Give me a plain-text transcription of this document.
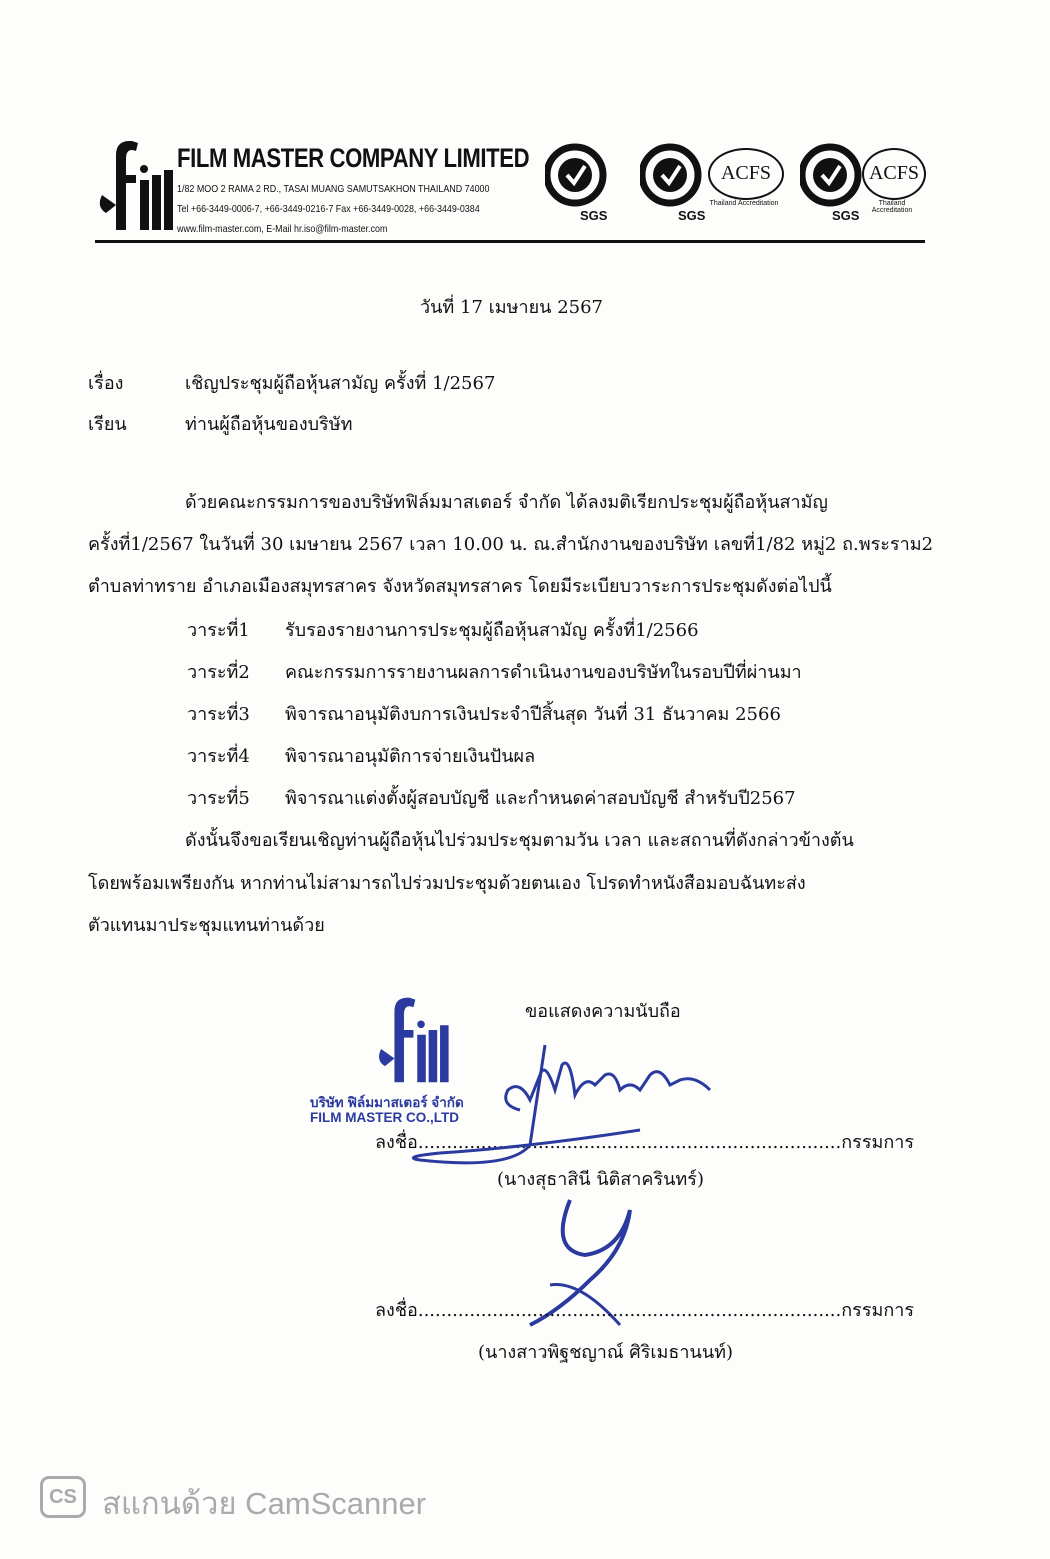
FILM MASTER COMPANY LIMITED
1/82 MOO 2 RAMA 2 RD., TASAI MUANG SAMUTSAKHON THAILAND 74000
Tel +66-3449-0006-7, +66-3449-0216-7 Fax +66-3449-0028, +66-3449-0384
www.film-master.com, E-Mail hr.iso@film-master.com
SGS	SGS
ACFS
Thailand Accreditation
SGS
ACFS
Thailand Accreditation
วันที่ 17 เมษายน 2567
เรื่อง	เชิญประชุมผู้ถือหุ้นสามัญ ครั้งที่ 1/2567
เรียน	ท่านผู้ถือหุ้นของบริษัท
ด้วยคณะกรรมการของบริษัทฟิล์มมาสเตอร์ จำกัด ได้ลงมติเรียกประชุมผู้ถือหุ้นสามัญ
ครั้งที่1/2567 ในวันที่ 30 เมษายน 2567 เวลา 10.00 น. ณ.สำนักงานของบริษัท เลขที่1/82 หมู่2 ถ.พระราม2
ตำบลท่าทราย อำเภอเมืองสมุทรสาคร จังหวัดสมุทรสาคร โดยมีระเบียบวาระการประชุมดังต่อไปนี้
วาระที่1 รับรองรายงานการประชุมผู้ถือหุ้นสามัญ ครั้งที่1/2566
วาระที่2 คณะกรรมการรายงานผลการดำเนินงานของบริษัทในรอบปีที่ผ่านมา
วาระที่3 พิจารณาอนุมัติงบการเงินประจำปีสิ้นสุด วันที่ 31 ธันวาคม 2566
วาระที่4 พิจารณาอนุมัติการจ่ายเงินปันผล
วาระที่5 พิจารณาแต่งตั้งผู้สอบบัญชี และกำหนดค่าสอบบัญชี สำหรับปี2567
ดังนั้นจึงขอเรียนเชิญท่านผู้ถือหุ้นไปร่วมประชุมตามวัน เวลา และสถานที่ดังกล่าวข้างต้น
โดยพร้อมเพรียงกัน หากท่านไม่สามารถไปร่วมประชุมด้วยตนเอง โปรดทำหนังสือมอบฉันทะส่ง
ตัวแทนมาประชุมแทนท่านด้วย
ขอแสดงความนับถือ
บริษัท ฟิล์มมาสเตอร์ จำกัด
FILM MASTER CO.,LTD
ลงชื่อ..........................................................................กรรมการ
(นางสุธาสินี นิติสาครินทร์)
ลงชื่อ..........................................................................กรรมการ
(นางสาวพิฐชญาณ์ ศิริเมธานนท์)
CS สแกนด้วย CamScanner
